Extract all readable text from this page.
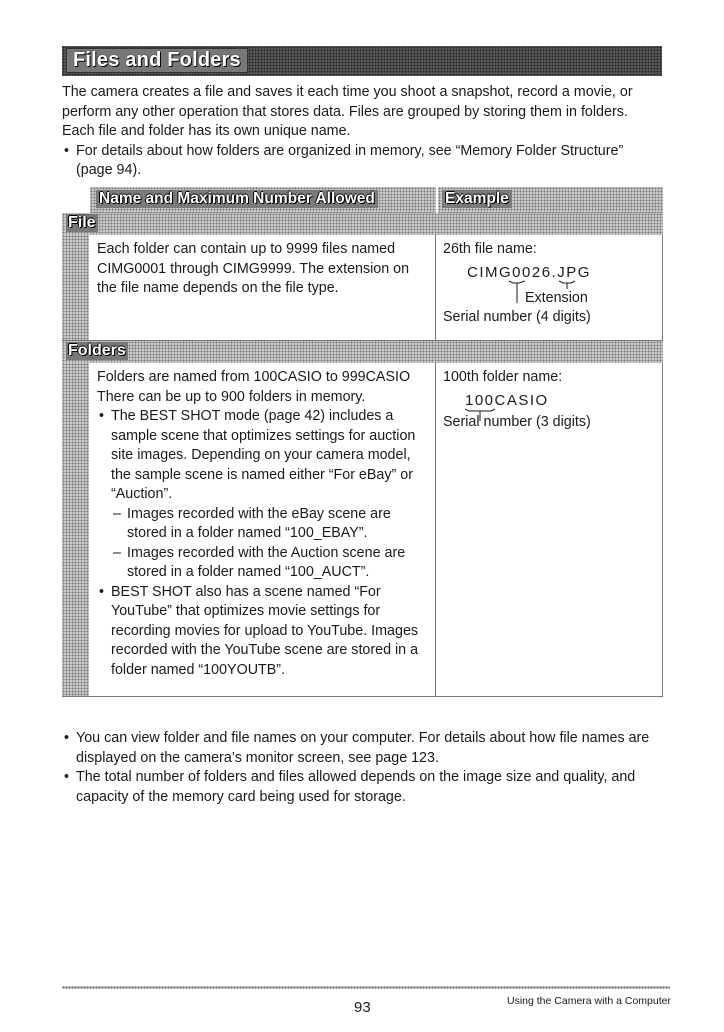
Files and Folders

The camera creates a file and saves it each time you shoot a snapshot, record a movie, or perform any other operation that stores data. Files are grouped by storing them in folders. Each file and folder has its own unique name.

• For details about how folders are organized in memory, see “Memory Folder Structure” (page 94).

Name and Maximum Number Allowed	Example
File

Each folder can contain up to 9999 files named CIMG0001 through CIMG9999. The extension on the file name depends on the file type.

26th file name:

CIMG0026.JPG

Extension

Serial number (4 digits)

Folders

Folders are named from 100CASIO to 999CASIO

There can be up to 900 folders in memory.

• The BEST SHOT mode (page 42) includes a sample scene that optimizes settings for auction site images. Depending on your camera model, the sample scene is named either “For eBay” or “Auction”.

– Images recorded with the eBay scene are stored in a folder named “100_EBAY”.

– Images recorded with the Auction scene are stored in a folder named “100_AUCT”.

• BEST SHOT also has a scene named “For YouTube” that optimizes movie settings for recording movies for upload to YouTube. Images recorded with the YouTube scene are stored in a folder named “100YOUTB”.

100th folder name:

100CASIO

Serial number (3 digits)

• You can view folder and file names on your computer. For details about how file names are displayed on the camera’s monitor screen, see page 123.

• The total number of folders and files allowed depends on the image size and quality, and capacity of the memory card being used for storage.

93	Using the Camera with a Computer
